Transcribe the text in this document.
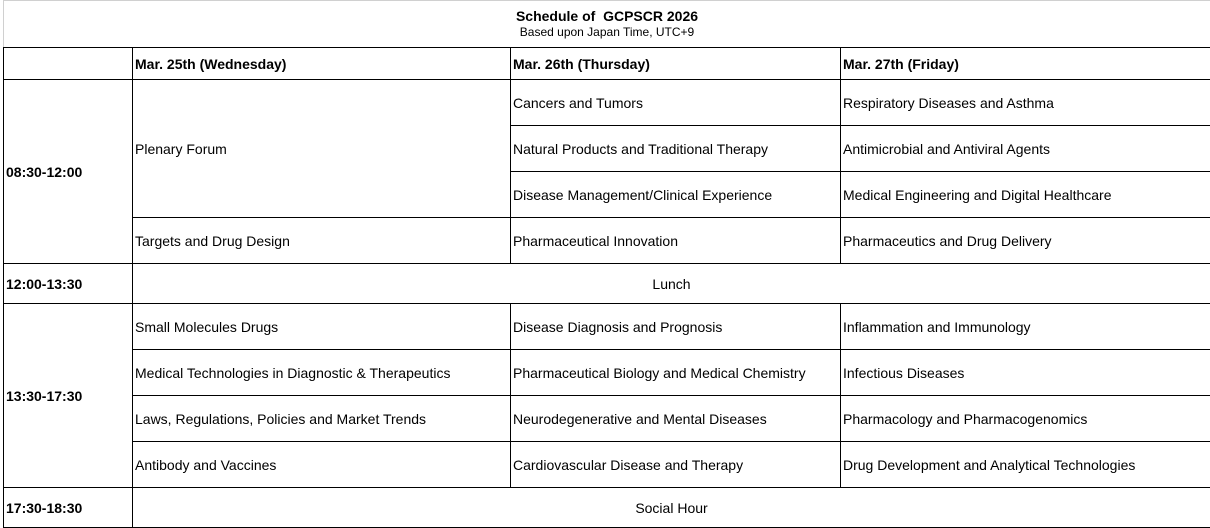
Schedule of  GCPSCR 2026
Based upon Japan Time, UTC+9			

	Mar. 25th (Wednesday)	Mar. 26th (Thursday)	Mar. 27th (Friday)
08:30-12:00	Plenary Forum	Cancers and Tumors	Respiratory Diseases and Asthma
		Natural Products and Traditional Therapy	Antimicrobial and Antiviral Agents
		Disease Management/Clinical Experience	Medical Engineering and Digital Healthcare
	Targets and Drug Design	Pharmaceutical Innovation	Pharmaceutics and Drug Delivery
12:00-13:30	Lunch		
13:30-17:30	Small Molecules Drugs	Disease Diagnosis and Prognosis	Inflammation and Immunology
	Medical Technologies in Diagnostic & Therapeutics	Pharmaceutical Biology and Medical Chemistry	Infectious Diseases
	Laws, Regulations, Policies and Market Trends	Neurodegenerative and Mental Diseases	Pharmacology and Pharmacogenomics
	Antibody and Vaccines	Cardiovascular Disease and Therapy	Drug Development and Analytical Technologies
17:30-18:30	Social Hour		
